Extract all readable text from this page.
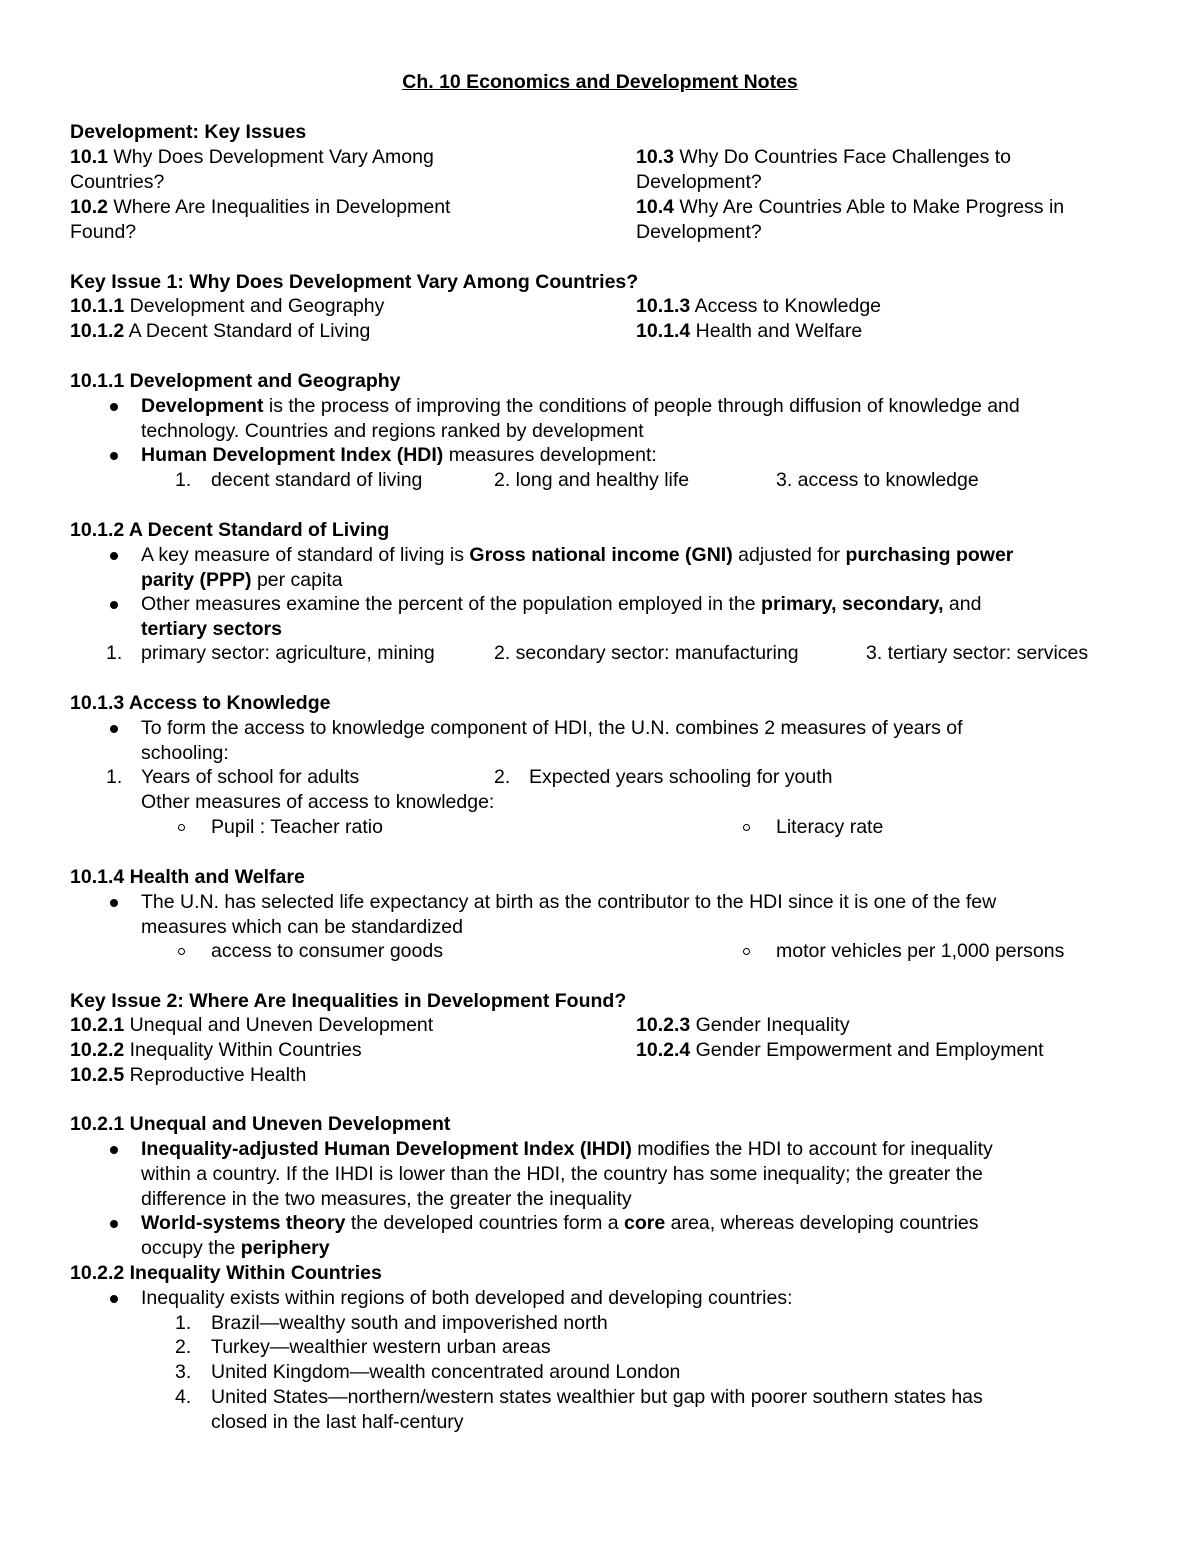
Ch. 10 Economics and Development Notes
Development: Key Issues
10.1 Why Does Development Vary Among
Countries?
10.2 Where Are Inequalities in Development
Found?
10.3 Why Do Countries Face Challenges to
Development?
10.4 Why Are Countries Able to Make Progress in
Development?
Key Issue 1: Why Does Development Vary Among Countries?
10.1.1 Development and Geography
10.1.2 A Decent Standard of Living
10.1.3 Access to Knowledge
10.1.4 Health and Welfare
10.1.1 Development and Geography
Development is the process of improving the conditions of people through diffusion of knowledge and
technology. Countries and regions ranked by development
Human Development Index (HDI) measures development:
1. decent standard of living	2. long and healthy life	3. access to knowledge
10.1.2 A Decent Standard of Living
A key measure of standard of living is Gross national income (GNI) adjusted for purchasing power
parity (PPP) per capita
Other measures examine the percent of the population employed in the primary, secondary, and
tertiary sectors
1. primary sector: agriculture, mining	2. secondary sector: manufacturing	3. tertiary sector: services
10.1.3 Access to Knowledge
To form the access to knowledge component of HDI, the U.N. combines 2 measures of years of
schooling:
1. Years of school for adults	2. Expected years schooling for youth
Other measures of access to knowledge:
Pupil : Teacher ratio	Literacy rate
10.1.4 Health and Welfare
The U.N. has selected life expectancy at birth as the contributor to the HDI since it is one of the few
measures which can be standardized
access to consumer goods	motor vehicles per 1,000 persons
Key Issue 2: Where Are Inequalities in Development Found?
10.2.1 Unequal and Uneven Development
10.2.2 Inequality Within Countries
10.2.5 Reproductive Health
10.2.3 Gender Inequality
10.2.4 Gender Empowerment and Employment
10.2.1 Unequal and Uneven Development
Inequality-adjusted Human Development Index (IHDI) modifies the HDI to account for inequality
within a country. If the IHDI is lower than the HDI, the country has some inequality; the greater the
difference in the two measures, the greater the inequality
World-systems theory the developed countries form a core area, whereas developing countries
occupy the periphery
10.2.2 Inequality Within Countries
Inequality exists within regions of both developed and developing countries:
1. Brazil—wealthy south and impoverished north
2. Turkey—wealthier western urban areas
3. United Kingdom—wealth concentrated around London
4. United States—northern/western states wealthier but gap with poorer southern states has
closed in the last half-century
